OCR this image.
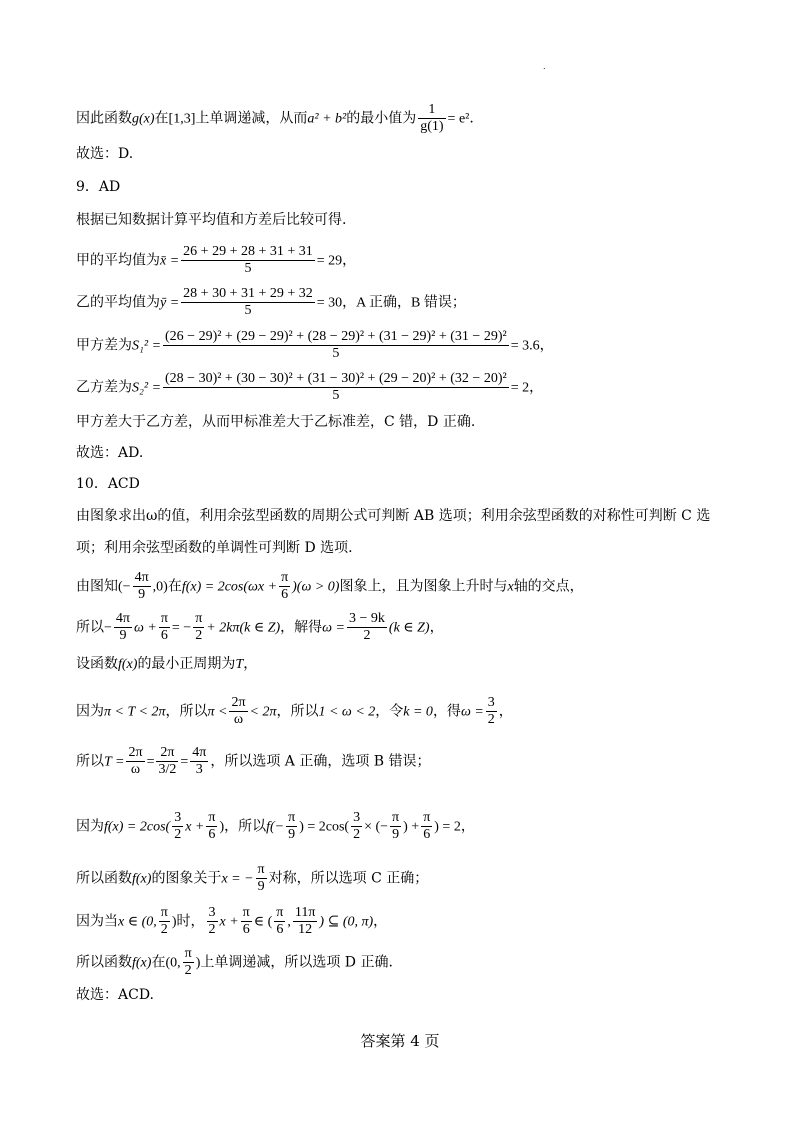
.
因此函数g(x)在[1,3]上单调递减，从而a² + b²的最小值为 $\frac{1}{g(1)} = e^2$.
故选：D.
9．AD
根据已知数据计算平均值和方差后比较可得.
甲的平均值为x̄ = $\frac{26 + 29 + 28 + 31 + 31}{5} = 29$，
乙的平均值为ȳ = $\frac{28 + 30 + 31 + 29 + 32}{5} = 30$，A 正确，B 错误；
甲方差为S₁² =
(26 − 29)² + (29 − 29)² + (28 − 29)² + (31 − 29)² + (31 − 29)²
5	= 3.6，
乙方差为S₂² =
(28 − 30)² + (30 − 30)² + (31 − 30)² + (29 − 20)² + (32 − 20)²
5	= 2，
甲方差大于乙方差，从而甲标准差大于乙标准差，C 错，D 正确.
故选：AD.
10．ACD
由图象求出ω的值，利用余弦型函数的周期公式可判断 AB 选项；利用余弦型函数的对称性可判断 C 选
项；利用余弦型函数的单调性可判断 D 选项.
由图知(− $\frac{4\pi}{9} ,0$)在$f(x) = 2\cos(\omega x + \frac{\pi}{6} )(\omega > 0)$图象上，且为图象上升时与x轴的交点，
所以− $\frac{4\pi}{9}$ $\omega + \frac{\pi}{6}$ = − $\frac{\pi}{2} + 2k\pi(k$ ∈ Z)，解得$\omega = \frac{3 - 9k}{2} (k$ ∈ Z)，
设函数f(x)的最小正周期为T，
因为π < T < 2π，所以$\pi < \frac{2\pi}{\omega} < 2\pi$，所以1 < ω < 2，令k = 0，得$\omega = \frac{3}{2}$ ，
所以$T = \frac{2\pi}{\omega} = \frac{2\pi}{3/2} = \frac{4\pi}{3}$ ，所以选项 A 正确，选项 B 错误；
因为$f(x) = 2\cos( \frac{3}{2}$ $x + \frac{\pi}{6}$ )，所以$f(- \frac{\pi}{9}$ ) = $2\cos( \frac{3}{2}$ × (− $\frac{\pi}{9}$ ) + $\frac{\pi}{6}$ ) = 2，
所以函数f(x)的图象关于x = − $\frac{\pi}{9}$ 对称，所以选项 C 正确；
因为当x ∈ (0, $\frac{\pi}{2}$ )时， $\frac{3}{2}$ $x + \frac{\pi}{6}$ ∈ ( $\frac{\pi}{6}$ , $\frac{11\pi}{12}$ ) ⊆ (0, π)，
所以函数f(x)在(0, $\frac{\pi}{2}$ )上单调递减，所以选项 D 正确.
故选：ACD.
答案第 4 页
